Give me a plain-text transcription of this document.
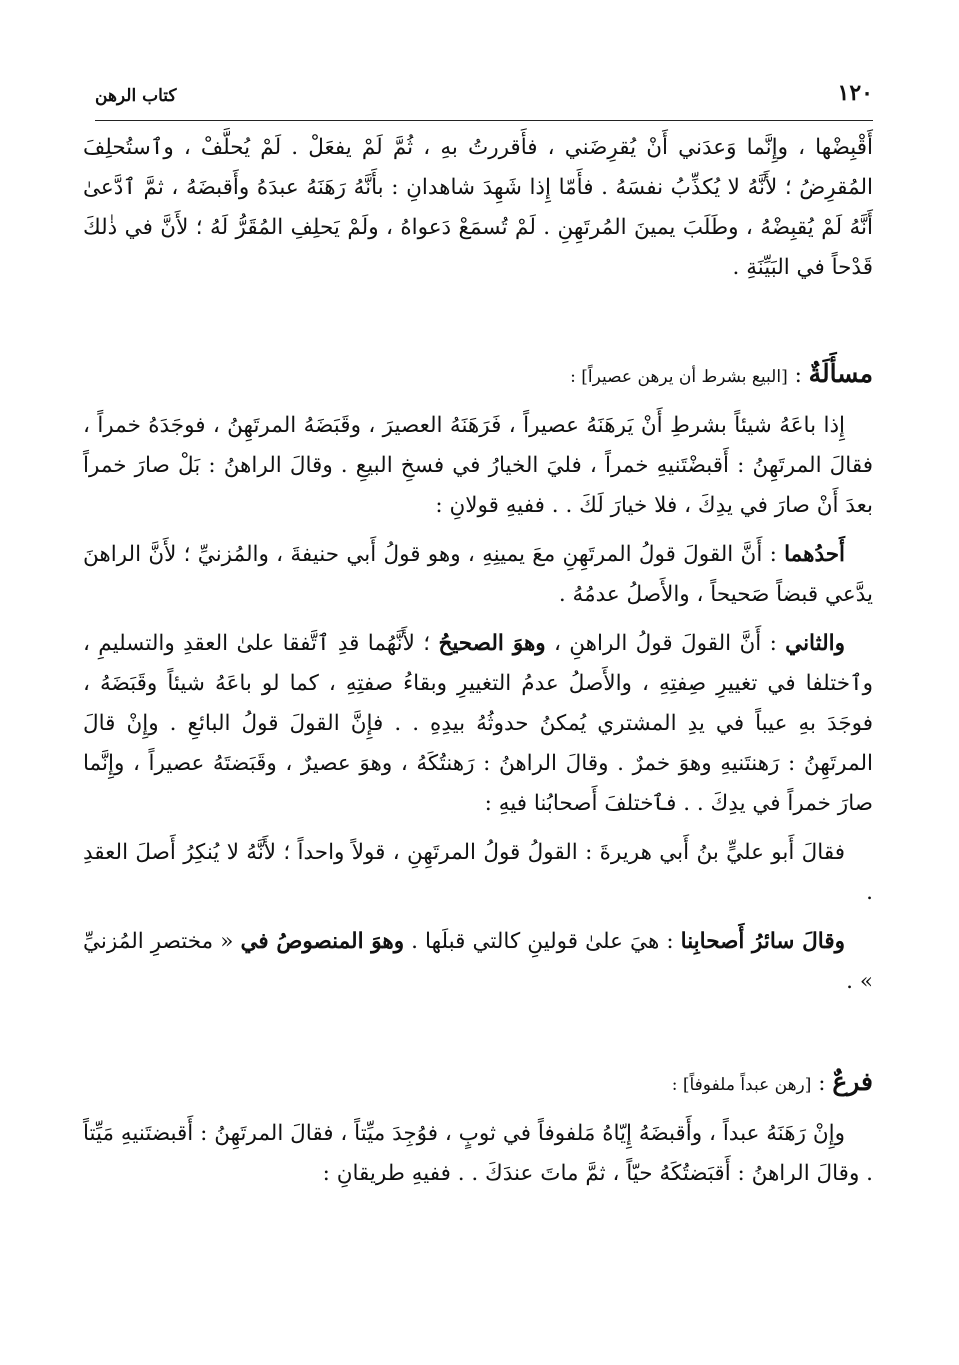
١٢٠
كتاب الرهن

أَقْبِضْها ، وإِنَّما وَعدَني أَنْ يُقرِضَني ، فأَقررتُ بهِ ، ثُمَّ لَمْ يفعَلْ . لَمْ يُحلَّفْ ، وٱستُحلِفَ المُقرِضُ ؛ لأَنَّهُ لا يُكذِّبُ نفسَهُ . فأَمّا إِذا شَهِدَ شاهدانِ : بأَنَّهُ رَهَنَهُ عبدَهُ وأَقبضَهُ ، ثمَّ ٱدَّعىٰ أَنَّهُ لَمْ يُقبِضْهُ ، وطَلَبَ يمينَ المُرتَهِنِ . لَمْ تُسمَعْ دَعواهُ ، ولَمْ يَحلِفِ المُقَرُّ لَهُ ؛ لأَنَّ في ذٰلكَ قَدْحاً في البَيِّنَةِ .

مسأَلَةٌ : [البيع بشرط أن يرهن عصيراً] :

إِذا باعَهُ شيئاً بشرطِ أَنْ يَرهَنَهُ عصيراً ، فَرَهَنَهُ العصيرَ ، وقَبَضَهُ المرتَهِنُ ، فوجَدَهُ خمراً ، فقالَ المرتَهِنُ : أَقبضْتَنيهِ خمراً ، فليَ الخيارُ في فسخِ البيعِ . وقالَ الراهنُ : بَلْ صارَ خمراً بعدَ أَنْ صارَ في يدِكَ ، فلا خيارَ لَكَ . . ففيهِ قولانِ :

أَحدُهما : أَنَّ القولَ قولُ المرتَهِنِ معَ يمينِهِ ، وهو قولُ أَبي حنيفةَ ، والمُزنيِّ ؛ لأَنَّ الراهنَ يدَّعي قبضاً صَحيحاً ، والأَصلُ عدمُهُ .

والثاني : أَنَّ القولَ قولُ الراهنِ ، وهوَ الصحيحُ ؛ لأَنَّهُما قدِ ٱتَّفقا علىٰ العقدِ والتسليمِ ، وٱختلفا في تغييرِ صِفتِهِ ، والأَصلُ عدمُ التغييرِ وبقاءُ صفتِهِ ، كما لو باعَهُ شيئاً وقَبَضَهُ ، فوجَدَ بهِ عيباً في يدِ المشتري يُمكنُ حدوثُهُ بيدِهِ . . فإِنَّ القولَ قولُ البائعِ . وإِنْ قالَ المرتَهِنُ : رَهنتَنيهِ وهوَ خمرٌ . وقالَ الراهنُ : رَهنتُكَهُ ، وهوَ عصيرٌ ، وقَبَضتَهُ عصيراً ، وإِنَّما صارَ خمراً في يدِكَ . . فٱختلفَ أَصحابُنا فيهِ :

فقالَ أَبو عليٍّ بنُ أَبي هريرةَ : القولُ قولُ المرتَهِنِ ، قولاً واحداً ؛ لأَنَّهُ لا يُنكِرُ أَصلَ العقدِ .

وقالَ سائرُ أَصحابِنا : هيَ علىٰ قولينِ كالتي قبلَها . وهوَ المنصوصُ في « مختصرِ المُزنيِّ » .

فرعٌ : [رهن عبداً ملفوفاً] :

وإِنْ رَهَنَهُ عبداً ، وأَقبضَهُ إِيّاهُ مَلفوفاً في ثوبٍ ، فوُجِدَ ميِّتاً ، فقالَ المرتَهِنُ : أَقبضتَنيهِ مَيِّتاً . وقالَ الراهنُ : أَقبَضتُكَهُ حيّاً ، ثمَّ ماتَ عندَكَ . . ففيهِ طريقانِ :
